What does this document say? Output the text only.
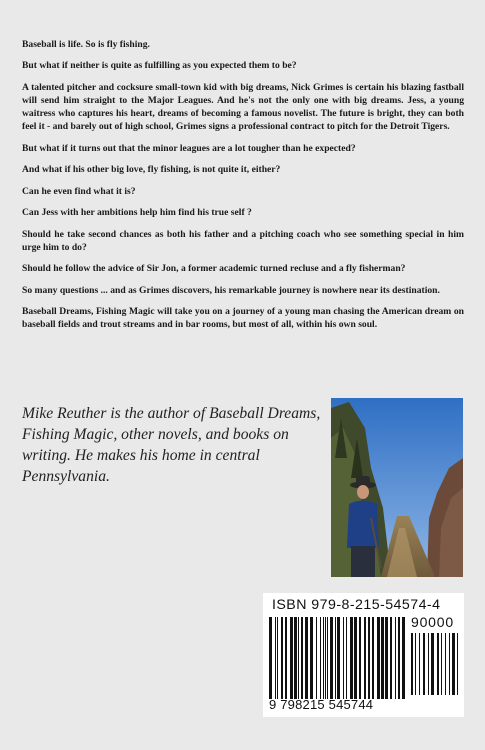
Baseball is life. So is fly fishing.

But what if neither is quite as fulfilling as you expected them to be?

A talented pitcher and cocksure small-town kid with big dreams, Nick Grimes is certain his blazing fastball will send him straight to the Major Leagues. And he's not the only one with big dreams. Jess, a young waitress who captures his heart, dreams of becoming a famous novelist. The future is bright, they can both feel it - and barely out of high school, Grimes signs a professional contract to pitch for the Detroit Tigers.

But what if it turns out that the minor leagues are a lot tougher than he expected?

And what if his other big love, fly fishing, is not quite it, either?

Can he even find what it is?

Can Jess with her ambitions help him find his true self ?

Should he take second chances as both his father and a pitching coach who see something special in him urge him to do?

Should he follow the advice of Sir Jon, a former academic turned recluse and a fly fisherman?

So many questions ... and as Grimes discovers, his remarkable journey is nowhere near its destination.

Baseball Dreams, Fishing Magic will take you on a journey of a young man chasing the American dream on baseball fields and trout streams and in bar rooms, but most of all, within his own soul.

Mike Reuther is the author of Baseball Dreams, Fishing Magic, other novels, and books on writing. He makes his home in central Pennsylvania.

ISBN 979-8-215-54574-4
90000
9 798215 545744
